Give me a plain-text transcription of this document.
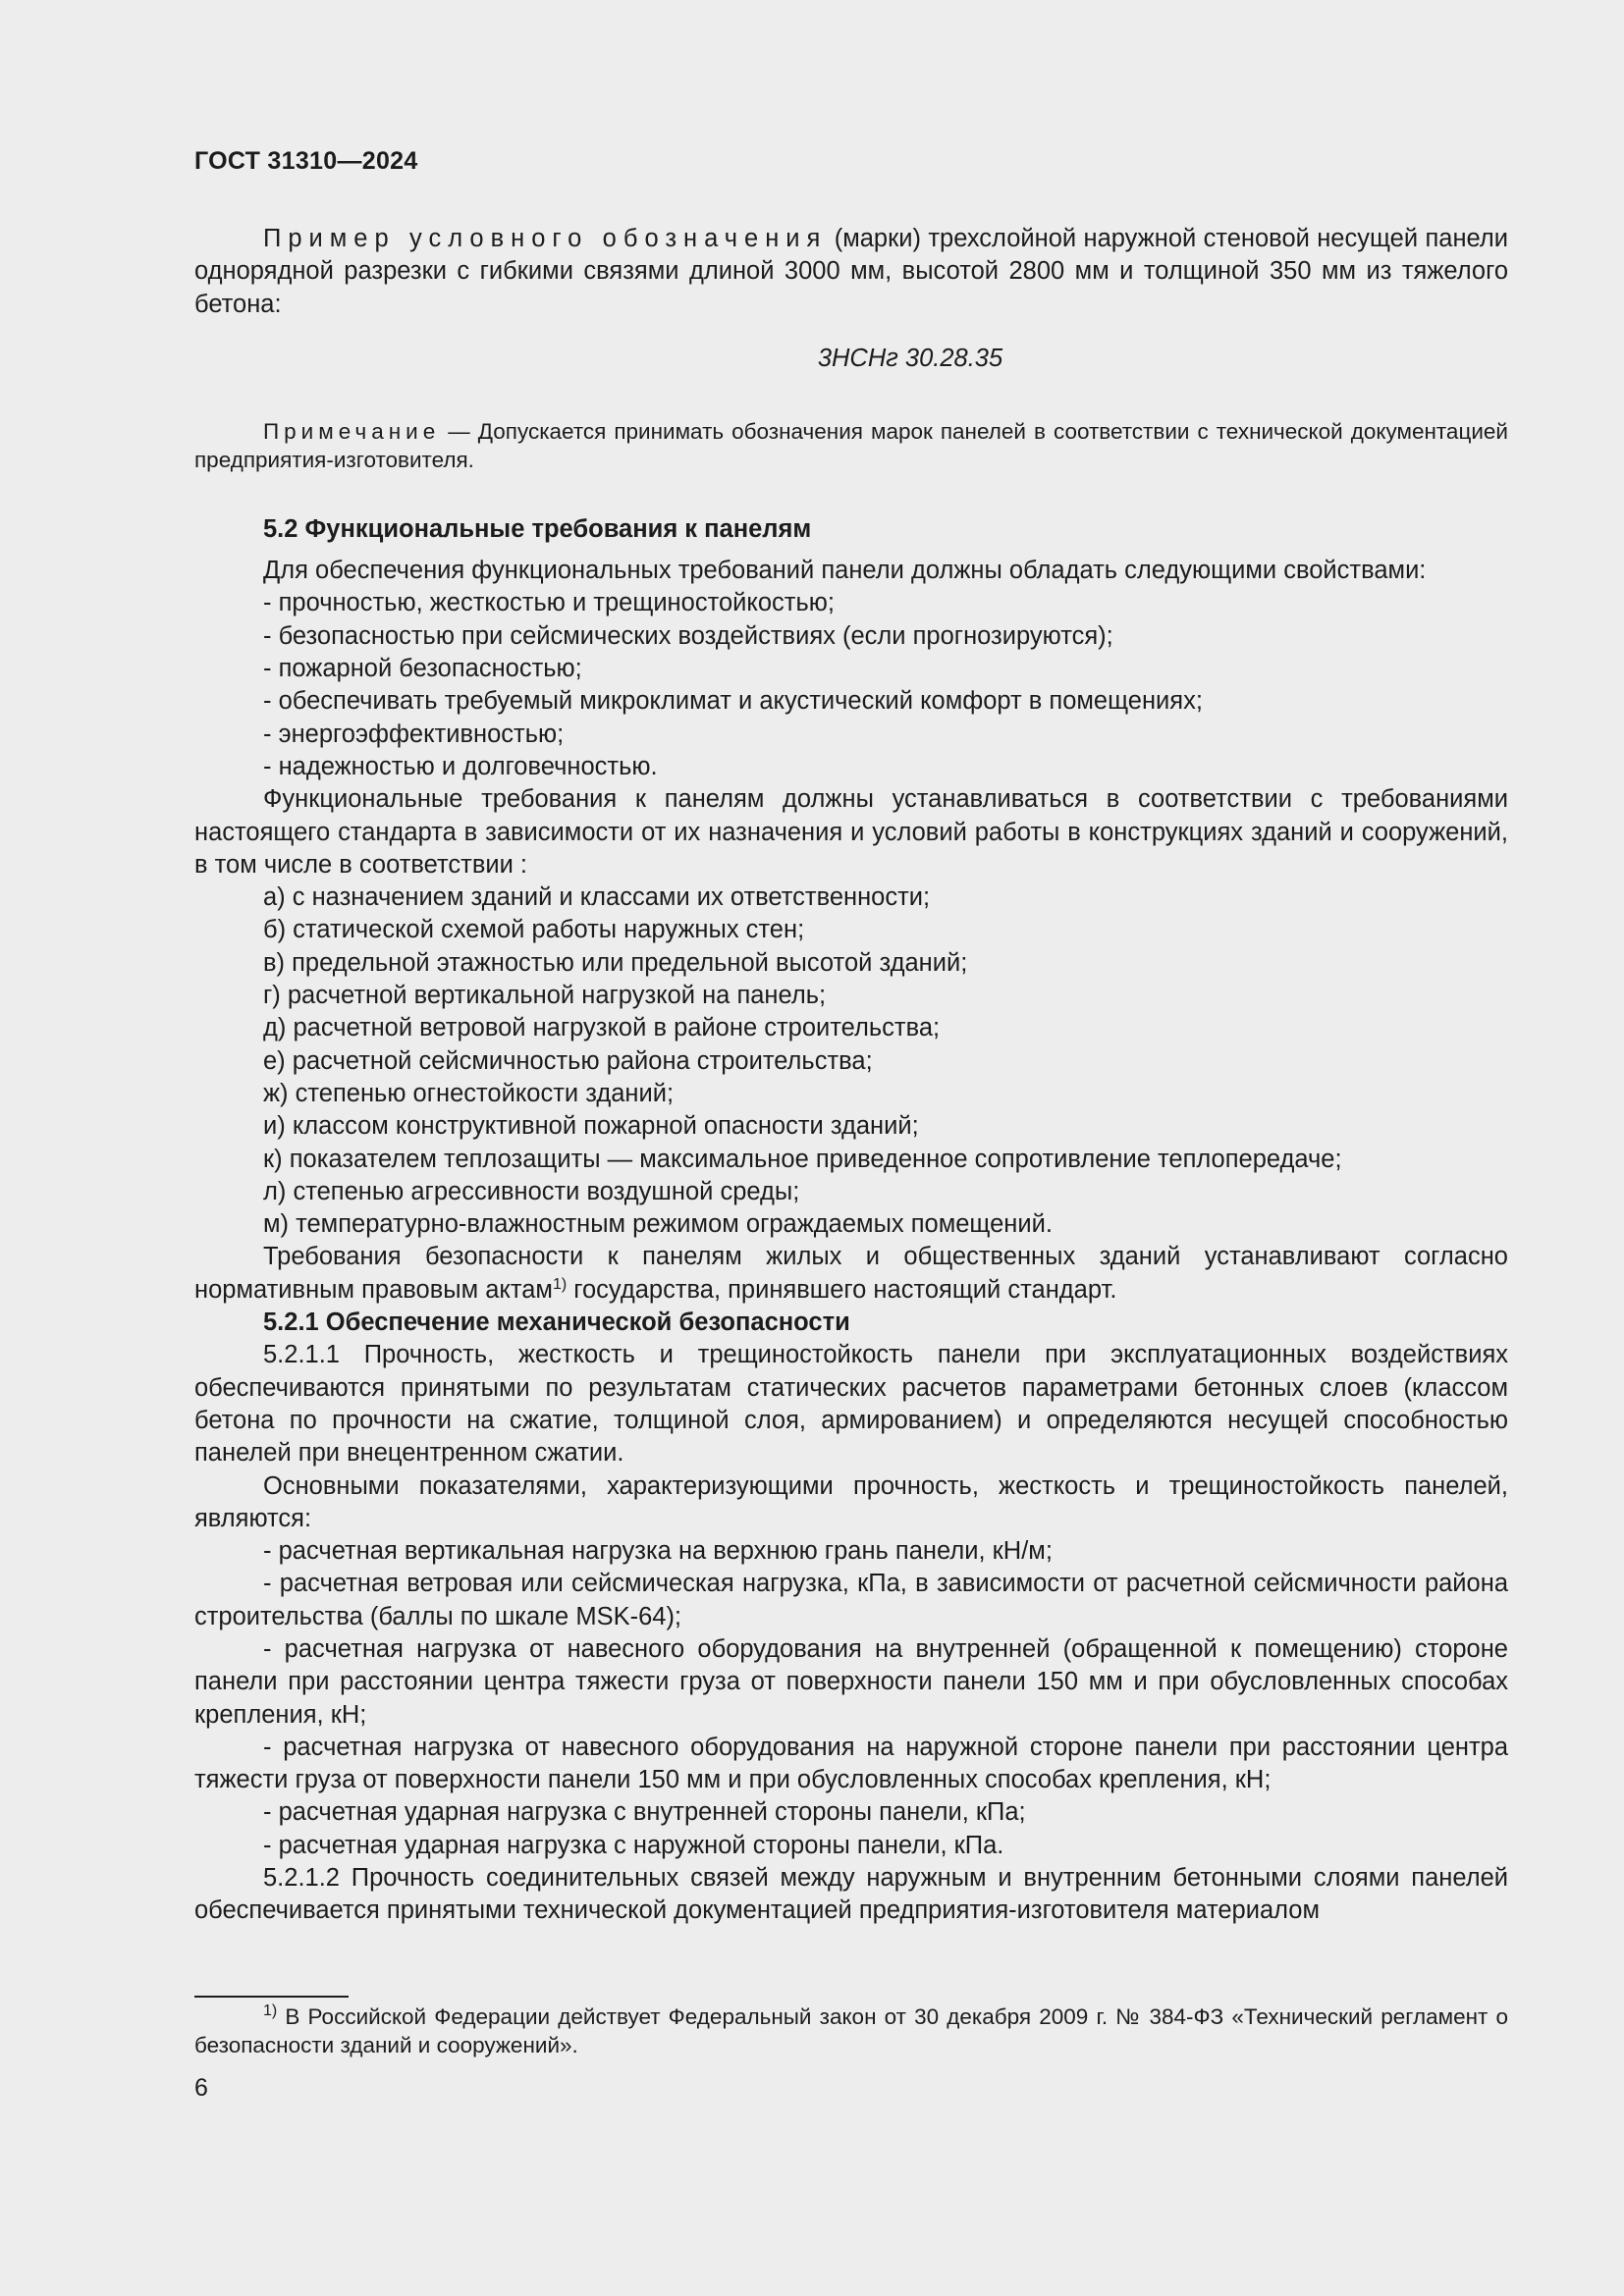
ГОСТ 31310—2024

Пример условного обозначения (марки) трехслойной наружной стеновой несущей панели однорядной разрезки с гибкими связями длиной 3000 мм, высотой 2800 мм и толщиной 350 мм из тяжелого бетона:

3НСНг 30.28.35

Примечание — Допускается принимать обозначения марок панелей в соответствии с технической документацией предприятия-изготовителя.

5.2 Функциональные требования к панелям

Для обеспечения функциональных требований панели должны обладать следующими свойствами:

- прочностью, жесткостью и трещиностойкостью;
- безопасностью при сейсмических воздействиях (если прогнозируются);
- пожарной безопасностью;
- обеспечивать требуемый микроклимат и акустический комфорт в помещениях;
- энергоэффективностью;
- надежностью и долговечностью.

Функциональные требования к панелям должны устанавливаться в соответствии с требованиями настоящего стандарта в зависимости от их назначения и условий работы в конструкциях зданий и сооружений, в том числе в соответствии :

а) с назначением зданий и классами их ответственности;
б) статической схемой работы наружных стен;
в) предельной этажностью или предельной высотой зданий;
г) расчетной вертикальной нагрузкой на панель;
д) расчетной ветровой нагрузкой в районе строительства;
е) расчетной сейсмичностью района строительства;
ж) степенью огнестойкости зданий;
и) классом конструктивной пожарной опасности зданий;
к) показателем теплозащиты — максимальное приведенное сопротивление теплопередаче;
л) степенью агрессивности воздушной среды;
м) температурно-влажностным режимом ограждаемых помещений.

Требования безопасности к панелям жилых и общественных зданий устанавливают согласно нормативным правовым актам$^{1)}$ государства, принявшего настоящий стандарт.

5.2.1 Обеспечение механической безопасности

5.2.1.1 Прочность, жесткость и трещиностойкость панели при эксплуатационных воздействиях обеспечиваются принятыми по результатам статических расчетов параметрами бетонных слоев (классом бетона по прочности на сжатие, толщиной слоя, армированием) и определяются несущей способностью панелей при внецентренном сжатии.

Основными показателями, характеризующими прочность, жесткость и трещиностойкость панелей, являются:

- расчетная вертикальная нагрузка на верхнюю грань панели, кН/м;

- расчетная ветровая или сейсмическая нагрузка, кПа, в зависимости от расчетной сейсмичности района строительства (баллы по шкале MSK-64);

- расчетная нагрузка от навесного оборудования на внутренней (обращенной к помещению) стороне панели при расстоянии центра тяжести груза от поверхности панели 150 мм и при обусловленных способах крепления, кН;

- расчетная нагрузка от навесного оборудования на наружной стороне панели при расстоянии центра тяжести груза от поверхности панели 150 мм и при обусловленных способах крепления, кН;

- расчетная ударная нагрузка с внутренней стороны панели, кПа;

- расчетная ударная нагрузка с наружной стороны панели, кПа.

5.2.1.2 Прочность соединительных связей между наружным и внутренним бетонными слоями панелей обеспечивается принятыми технической документацией предприятия-изготовителя материалом

$^{1)}$ В Российской Федерации действует Федеральный закон от 30 декабря 2009 г. № 384-ФЗ «Технический регламент о безопасности зданий и сооружений».

6
